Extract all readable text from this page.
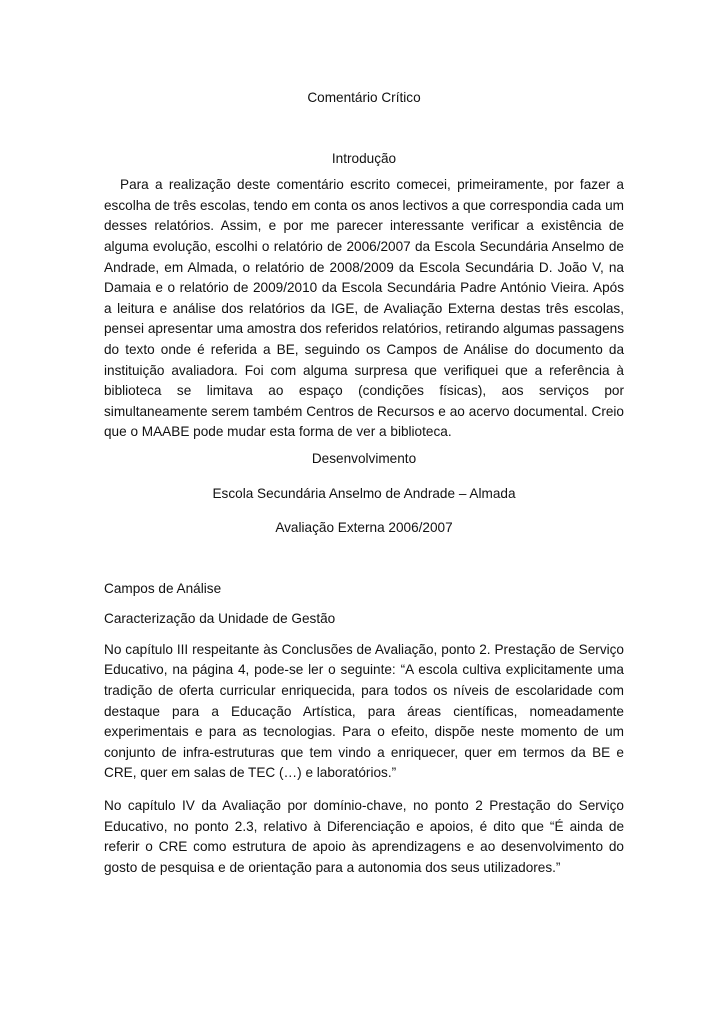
Comentário Crítico
Introdução

Para a realização deste comentário escrito comecei, primeiramente, por fazer a escolha de três escolas, tendo em conta os anos lectivos a que correspondia cada um desses relatórios. Assim, e por me parecer interessante verificar a existência de alguma evolução, escolhi o relatório de 2006/2007 da Escola Secundária Anselmo de Andrade, em Almada, o relatório de 2008/2009 da Escola Secundária D. João V, na Damaia e o relatório de 2009/2010 da Escola Secundária Padre António Vieira. Após a leitura e análise dos relatórios da IGE, de Avaliação Externa destas três escolas, pensei apresentar uma amostra dos referidos relatórios, retirando algumas passagens do texto onde é referida a BE, seguindo os Campos de Análise do documento da instituição avaliadora. Foi com alguma surpresa que verifiquei que a referência à biblioteca se limitava ao espaço (condições físicas), aos serviços por simultaneamente serem também Centros de Recursos e ao acervo documental. Creio que o MAABE pode mudar esta forma de ver a biblioteca.

Desenvolvimento
Escola Secundária Anselmo de Andrade – Almada
Avaliação Externa 2006/2007

Campos de Análise

Caracterização da Unidade de Gestão

No capítulo III respeitante às Conclusões de Avaliação, ponto 2. Prestação de Serviço Educativo, na página 4, pode-se ler o seguinte: “A escola cultiva explicitamente uma tradição de oferta curricular enriquecida, para todos os níveis de escolaridade com destaque para a Educação Artística, para áreas científicas, nomeadamente experimentais e para as tecnologias. Para o efeito, dispõe neste momento de um conjunto de infra-estruturas que tem vindo a enriquecer, quer em termos da BE e CRE, quer em salas de TEC (…) e laboratórios.”

No capítulo IV da Avaliação por domínio-chave, no ponto 2 Prestação do Serviço Educativo, no ponto 2.3, relativo à Diferenciação e apoios, é dito que “É ainda de referir o CRE como estrutura de apoio às aprendizagens e ao desenvolvimento do gosto de pesquisa e de orientação para a autonomia dos seus utilizadores.”
